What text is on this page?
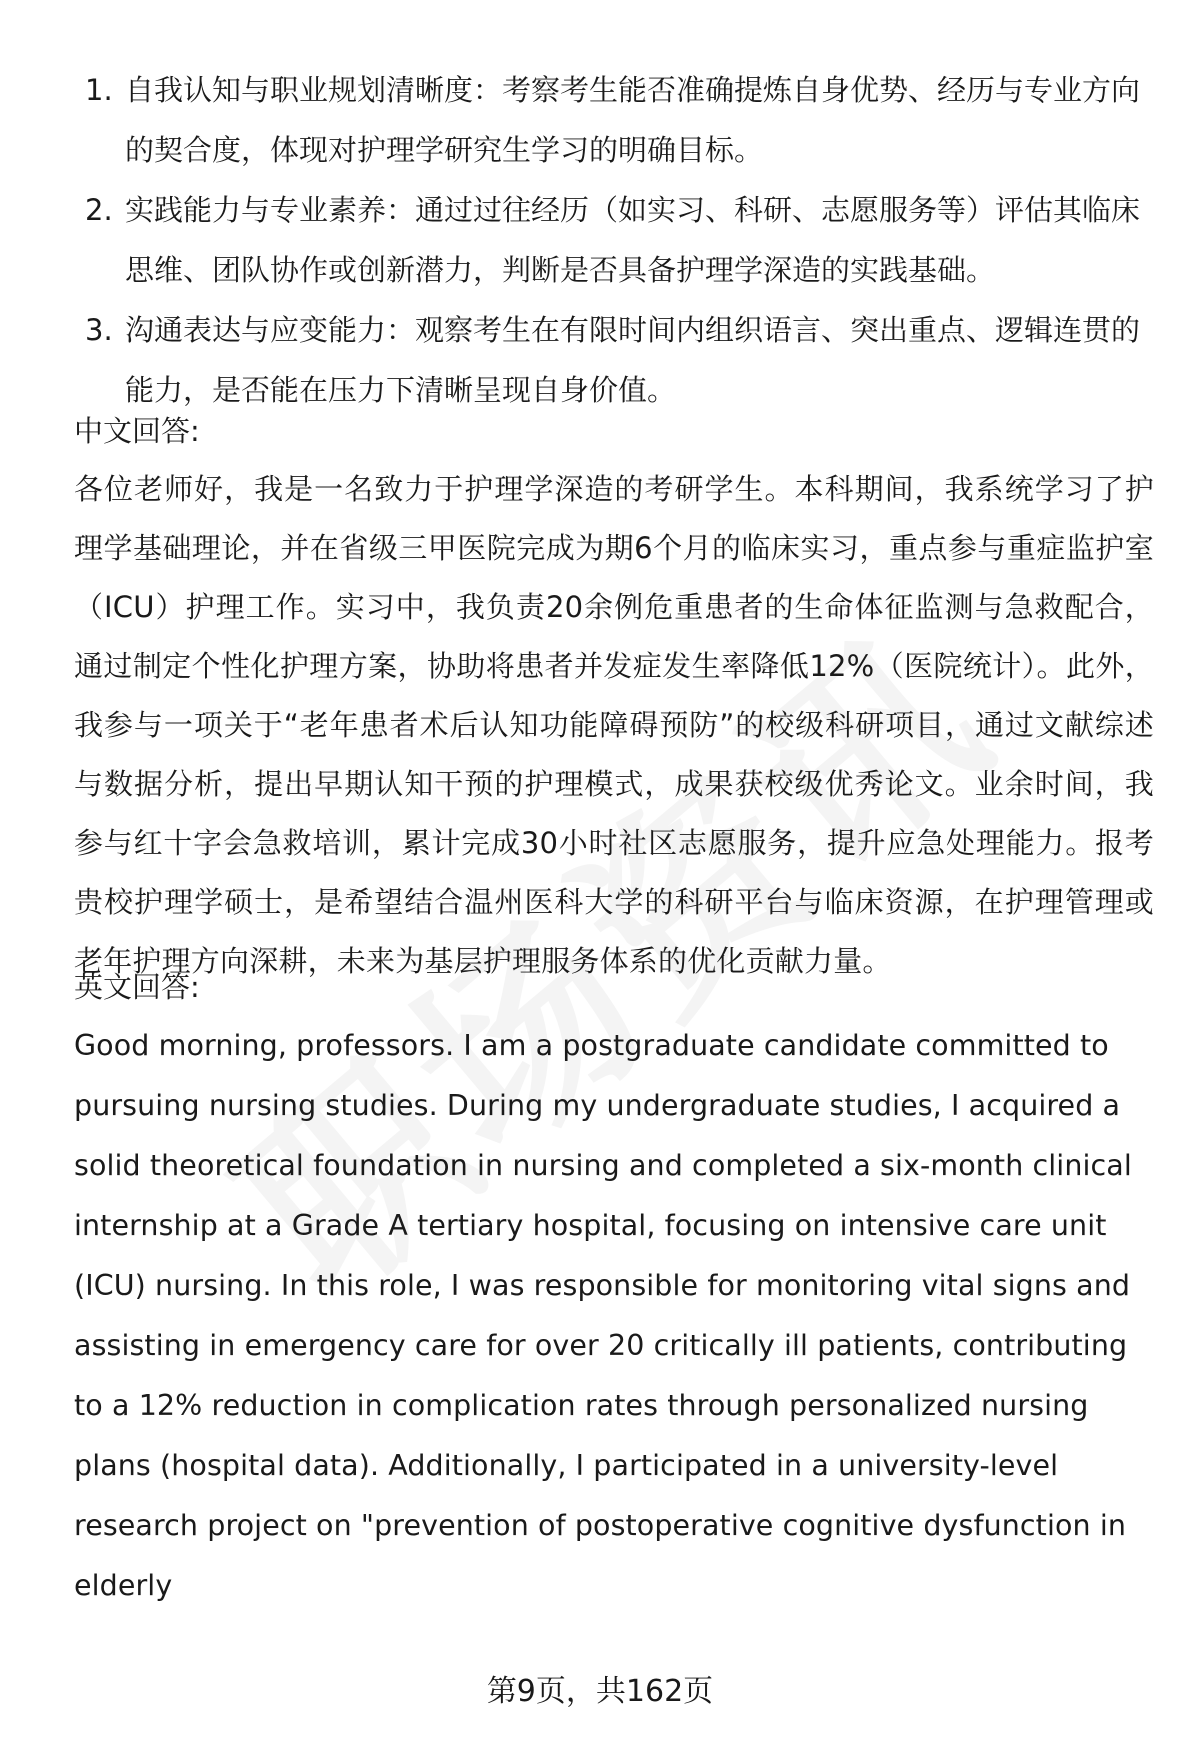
1. 自我认知与职业规划清晰度：考察考生能否准确提炼自身优势、经历与专业方向的契合度，体现对护理学研究生学习的明确目标。
2. 实践能力与专业素养：通过过往经历（如实习、科研、志愿服务等）评估其临床思维、团队协作或创新潜力，判断是否具备护理学深造的实践基础。
3. 沟通表达与应变能力：观察考生在有限时间内组织语言、突出重点、逻辑连贯的能力，是否能在压力下清晰呈现自身价值。
中文回答:
各位老师好，我是一名致力于护理学深造的考研学生。本科期间，我系统学习了护理学基础理论，并在省级三甲医院完成为期6个月的临床实习，重点参与重症监护室（ICU）护理工作。实习中，我负责20余例危重患者的生命体征监测与急救配合，通过制定个性化护理方案，协助将患者并发症发生率降低12%（医院统计）。此外，我参与一项关于“老年患者术后认知功能障碍预防”的校级科研项目，通过文献综述与数据分析，提出早期认知干预的护理模式，成果获校级优秀论文。业余时间，我参与红十字会急救培训，累计完成30小时社区志愿服务，提升应急处理能力。报考贵校护理学硕士，是希望结合温州医科大学的科研平台与临床资源，在护理管理或老年护理方向深耕，未来为基层护理服务体系的优化贡献力量。
英文回答:
Good morning, professors. I am a postgraduate candidate committed to pursuing nursing studies. During my undergraduate studies, I acquired a solid theoretical foundation in nursing and completed a six-month clinical internship at a Grade A tertiary hospital, focusing on intensive care unit (ICU) nursing. In this role, I was responsible for monitoring vital signs and assisting in emergency care for over 20 critically ill patients, contributing to a 12% reduction in complication rates through personalized nursing plans (hospital data). Additionally, I participated in a university-level research project on "prevention of postoperative cognitive dysfunction in elderly
第9页，共162页
